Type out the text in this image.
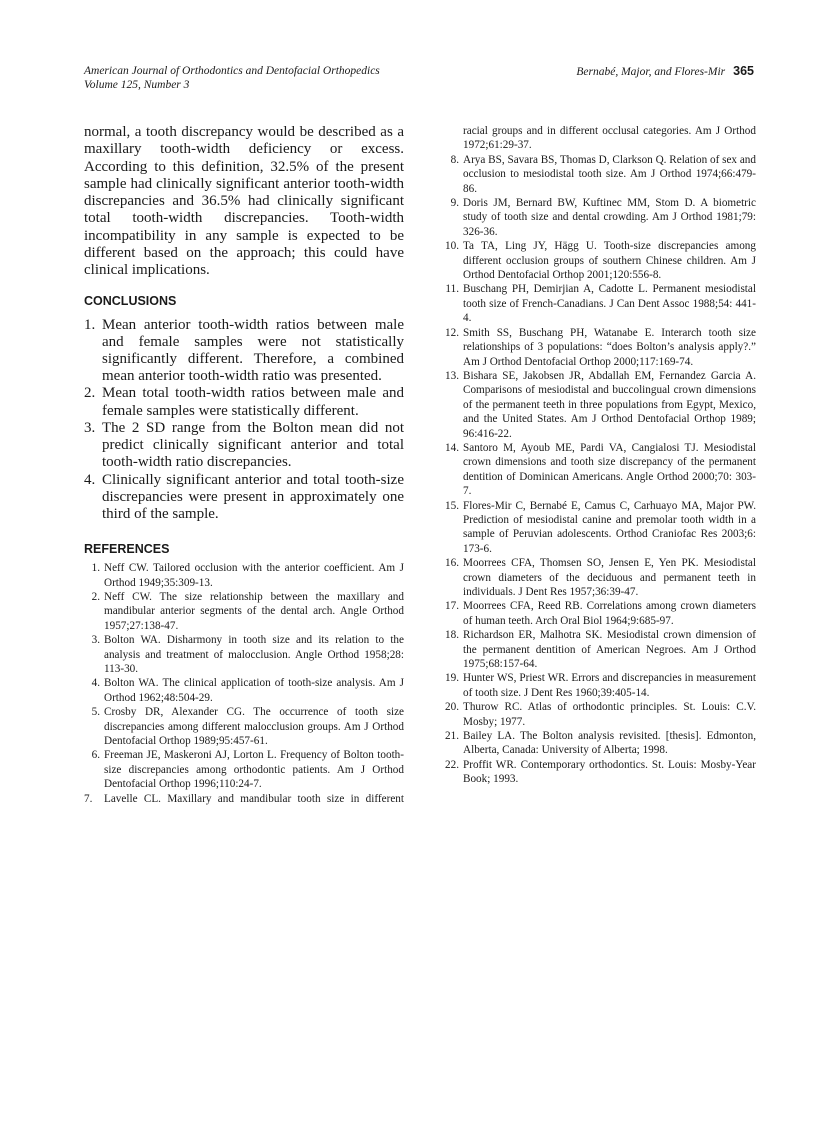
American Journal of Orthodontics and Dentofacial Orthopedics
Volume 125, Number 3
Bernabé, Major, and Flores-Mir 365

normal, a tooth discrepancy would be described as a maxillary tooth-width deficiency or excess. According to this definition, 32.5% of the present sample had clinically significant anterior tooth-width discrepancies and 36.5% had clinically significant total tooth-width discrepancies. Tooth-width incompatibility in any sample is expected to be different based on the approach; this could have clinical implications.

CONCLUSIONS
1. Mean anterior tooth-width ratios between male and female samples were not statistically significantly different. Therefore, a combined mean anterior tooth-width ratio was presented.
2. Mean total tooth-width ratios between male and female samples were statistically different.
3. The 2 SD range from the Bolton mean did not predict clinically significant anterior and total tooth-width ratio discrepancies.
4. Clinically significant anterior and total tooth-size discrepancies were present in approximately one third of the sample.
REFERENCES
1. Neff CW. Tailored occlusion with the anterior coefficient. Am J Orthod 1949;35:309-13.
2. Neff CW. The size relationship between the maxillary and mandibular anterior segments of the dental arch. Angle Orthod 1957;27:138-47.
3. Bolton WA. Disharmony in tooth size and its relation to the analysis and treatment of malocclusion. Angle Orthod 1958;28: 113-30.
4. Bolton WA. The clinical application of tooth-size analysis. Am J Orthod 1962;48:504-29.
5. Crosby DR, Alexander CG. The occurrence of tooth size discrepancies among different malocclusion groups. Am J Orthod Dentofacial Orthop 1989;95:457-61.
6. Freeman JE, Maskeroni AJ, Lorton L. Frequency of Bolton tooth-size discrepancies among orthodontic patients. Am J Orthod Dentofacial Orthop 1996;110:24-7.
7.	Lavelle CL. Maxillary and mandibular tooth size in different
racial groups and in different occlusal categories. Am J Orthod 1972;61:29-37.
8. Arya BS, Savara BS, Thomas D, Clarkson Q. Relation of sex and occlusion to mesiodistal tooth size. Am J Orthod 1974;66:479-86.
9. Doris JM, Bernard BW, Kuftinec MM, Stom D. A biometric study of tooth size and dental crowding. Am J Orthod 1981;79: 326-36.
10. Ta TA, Ling JY, Hägg U. Tooth-size discrepancies among different occlusion groups of southern Chinese children. Am J Orthod Dentofacial Orthop 2001;120:556-8.
11. Buschang PH, Demirjian A, Cadotte L. Permanent mesiodistal tooth size of French-Canadians. J Can Dent Assoc 1988;54: 441-4.
12. Smith SS, Buschang PH, Watanabe E. Interarch tooth size relationships of 3 populations: “does Bolton’s analysis apply?.” Am J Orthod Dentofacial Orthop 2000;117:169-74.
13. Bishara SE, Jakobsen JR, Abdallah EM, Fernandez Garcia A. Comparisons of mesiodistal and buccolingual crown dimensions of the permanent teeth in three populations from Egypt, Mexico, and the United States. Am J Orthod Dentofacial Orthop 1989; 96:416-22.
14. Santoro M, Ayoub ME, Pardi VA, Cangialosi TJ. Mesiodistal crown dimensions and tooth size discrepancy of the permanent dentition of Dominican Americans. Angle Orthod 2000;70: 303-7.
15. Flores-Mir C, Bernabé E, Camus C, Carhuayo MA, Major PW. Prediction of mesiodistal canine and premolar tooth width in a sample of Peruvian adolescents. Orthod Craniofac Res 2003;6: 173-6.
16. Moorrees CFA, Thomsen SO, Jensen E, Yen PK. Mesiodistal crown diameters of the deciduous and permanent teeth in individuals. J Dent Res 1957;36:39-47.
17. Moorrees CFA, Reed RB. Correlations among crown diameters of human teeth. Arch Oral Biol 1964;9:685-97.
18. Richardson ER, Malhotra SK. Mesiodistal crown dimension of the permanent dentition of American Negroes. Am J Orthod 1975;68:157-64.
19. Hunter WS, Priest WR. Errors and discrepancies in measurement of tooth size. J Dent Res 1960;39:405-14.
20. Thurow RC. Atlas of orthodontic principles. St. Louis: C.V. Mosby; 1977.
21. Bailey LA. The Bolton analysis revisited. [thesis]. Edmonton, Alberta, Canada: University of Alberta; 1998.
22. Proffit WR. Contemporary orthodontics. St. Louis: Mosby-Year Book; 1993.
